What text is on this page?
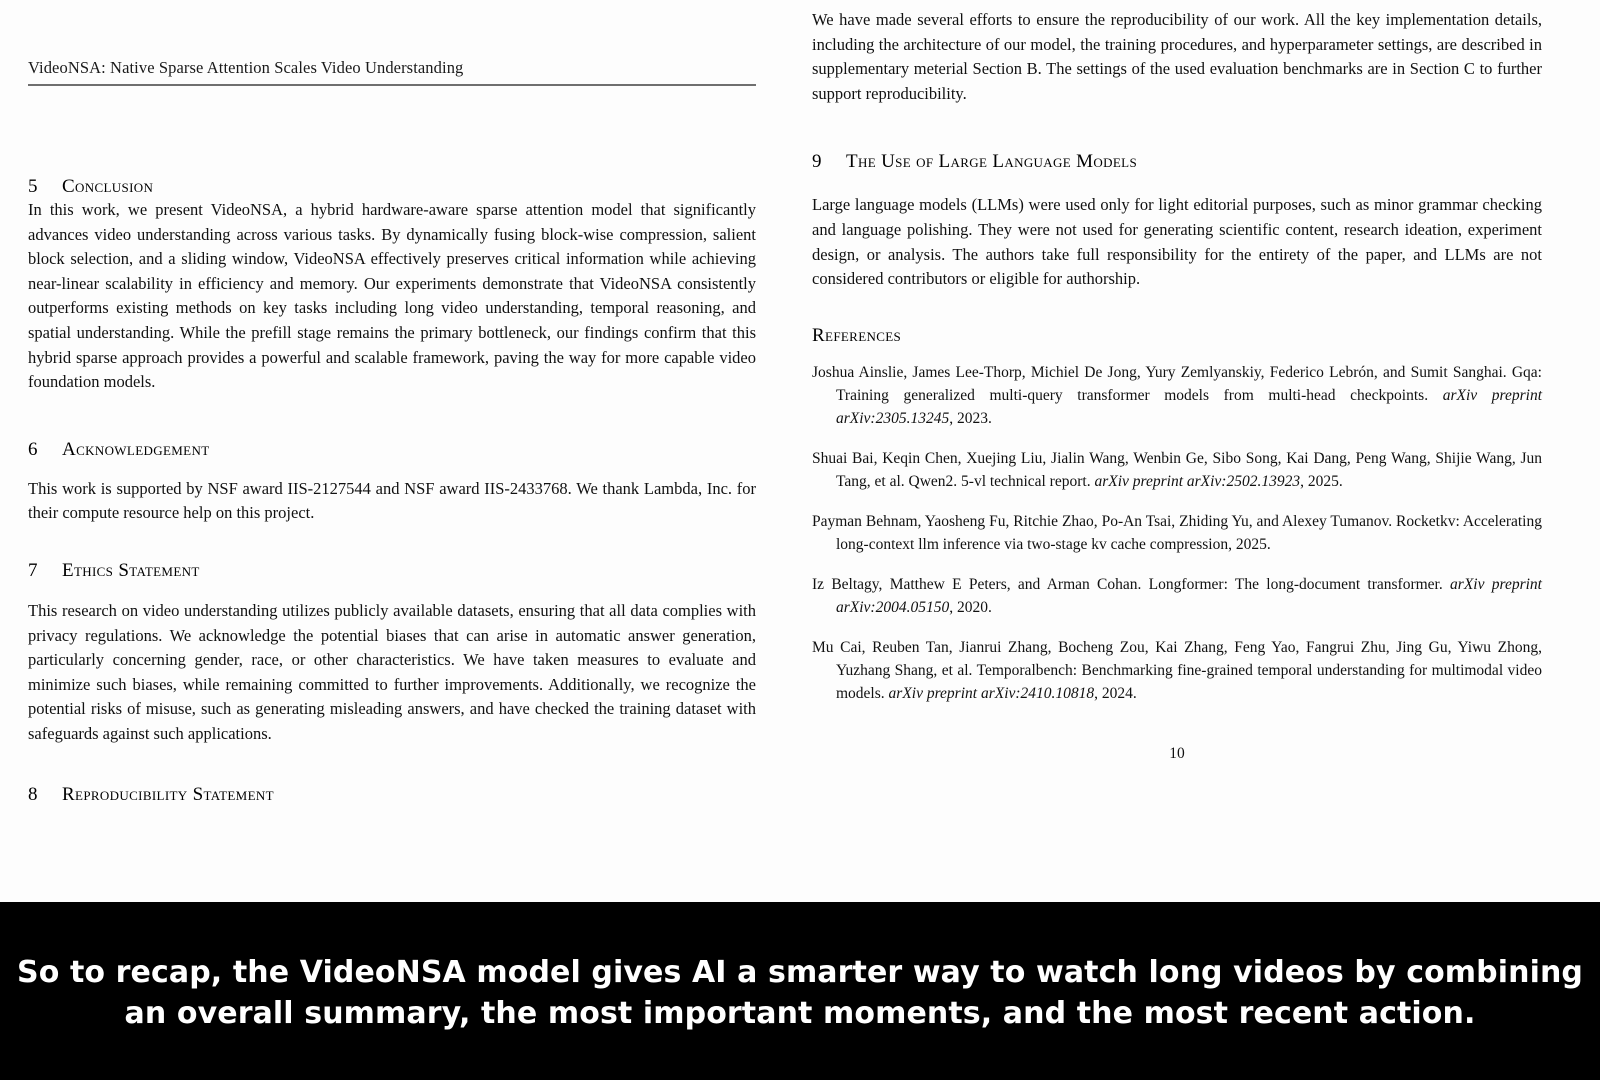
VideoNSA: Native Sparse Attention Scales Video Understanding
5	Conclusion

In this work, we present VideoNSA, a hybrid hardware-aware sparse attention model that significantly advances video understanding across various tasks. By dynamically fusing block-wise compression, salient block selection, and a sliding window, VideoNSA effectively preserves critical information while achieving near-linear scalability in efficiency and memory. Our experiments demonstrate that VideoNSA consistently outperforms existing methods on key tasks including long video understanding, temporal reasoning, and spatial understanding. While the prefill stage remains the primary bottleneck, our findings confirm that this hybrid sparse approach provides a powerful and scalable framework, paving the way for more capable video foundation models.

6	Acknowledgement

This work is supported by NSF award IIS-2127544 and NSF award IIS-2433768. We thank Lambda, Inc. for their compute resource help on this project.

7	Ethics Statement

This research on video understanding utilizes publicly available datasets, ensuring that all data complies with privacy regulations. We acknowledge the potential biases that can arise in automatic answer generation, particularly concerning gender, race, or other characteristics. We have taken measures to evaluate and minimize such biases, while remaining committed to further improvements. Additionally, we recognize the potential risks of misuse, such as generating misleading answers, and have checked the training dataset with safeguards against such applications.

8	Reproducibility Statement

We have made several efforts to ensure the reproducibility of our work. All the key implementation details, including the architecture of our model, the training procedures, and hyperparameter settings, are described in supplementary meterial Section B. The settings of the used evaluation benchmarks are in Section C to further support reproducibility.

9	The Use of Large Language Models

Large language models (LLMs) were used only for light editorial purposes, such as minor grammar checking and language polishing. They were not used for generating scientific content, research ideation, experiment design, or analysis. The authors take full responsibility for the entirety of the paper, and LLMs are not considered contributors or eligible for authorship.

References
Joshua Ainslie, James Lee-Thorp, Michiel De Jong, Yury Zemlyanskiy, Federico Lebrón, and Sumit Sanghai. Gqa: Training generalized multi-query transformer models from multi-head checkpoints. arXiv preprint arXiv:2305.13245, 2023.
Shuai Bai, Keqin Chen, Xuejing Liu, Jialin Wang, Wenbin Ge, Sibo Song, Kai Dang, Peng Wang, Shijie Wang, Jun Tang, et al. Qwen2. 5-vl technical report. arXiv preprint arXiv:2502.13923, 2025.
Payman Behnam, Yaosheng Fu, Ritchie Zhao, Po-An Tsai, Zhiding Yu, and Alexey Tumanov. Rocketkv: Accelerating long-context llm inference via two-stage kv cache compression, 2025.
Iz Beltagy, Matthew E Peters, and Arman Cohan. Longformer: The long-document transformer. arXiv preprint arXiv:2004.05150, 2020.
Mu Cai, Reuben Tan, Jianrui Zhang, Bocheng Zou, Kai Zhang, Feng Yao, Fangrui Zhu, Jing Gu, Yiwu Zhong, Yuzhang Shang, et al. Temporalbench: Benchmarking fine-grained temporal understanding for multimodal video models. arXiv preprint arXiv:2410.10818, 2024.
10
So to recap, the VideoNSA model gives AI a smarter way to watch long videos by combining an overall summary, the most important moments, and the most recent action.
